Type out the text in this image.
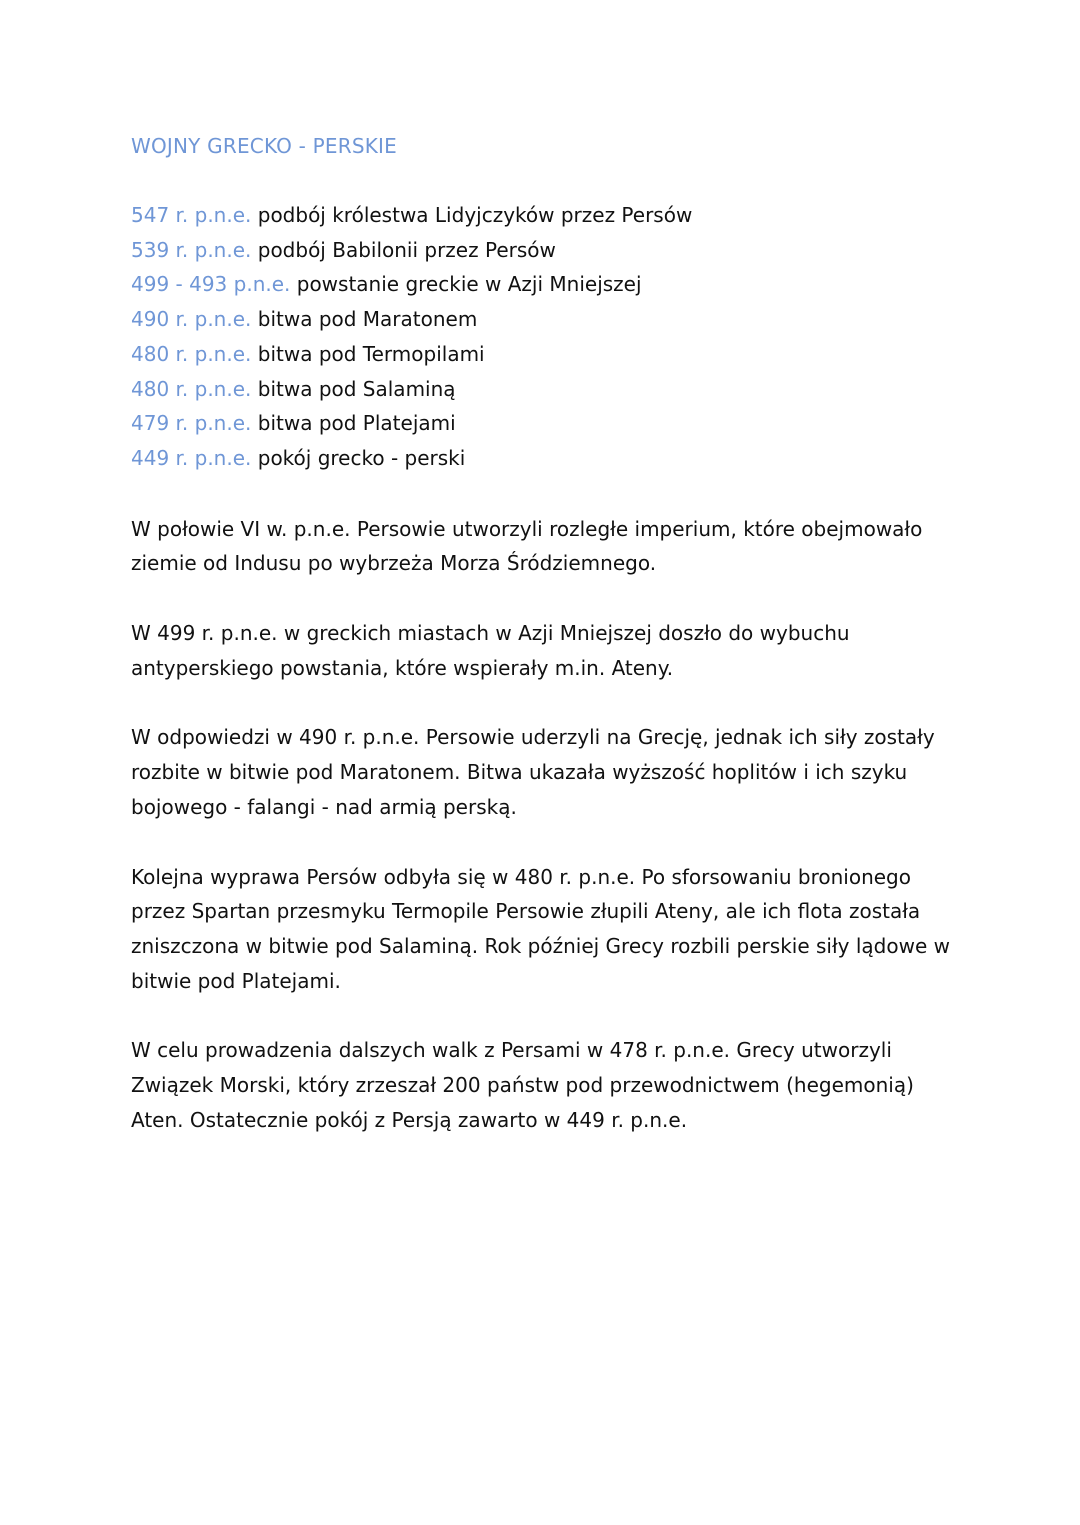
WOJNY GRECKO - PERSKIE
547 r. p.n.e. podbój królestwa Lidyjczyków przez Persów
539 r. p.n.e. podbój Babilonii przez Persów
499 - 493 p.n.e. powstanie greckie w Azji Mniejszej
490 r. p.n.e. bitwa pod Maratonem
480 r. p.n.e. bitwa pod Termopilami
480 r. p.n.e. bitwa pod Salaminą
479 r. p.n.e. bitwa pod Platejami
449 r. p.n.e. pokój grecko - perski

W połowie VI w. p.n.e. Persowie utworzyli rozległe imperium, które obejmowało ziemie od Indusu po wybrzeża Morza Śródziemnego.

W 499 r. p.n.e. w greckich miastach w Azji Mniejszej doszło do wybuchu antyperskiego powstania, które wspierały m.in. Ateny.

W odpowiedzi w 490 r. p.n.e. Persowie uderzyli na Grecję, jednak ich siły zostały rozbite w bitwie pod Maratonem. Bitwa ukazała wyższość hoplitów i ich szyku bojowego - falangi - nad armią perską.

Kolejna wyprawa Persów odbyła się w 480 r. p.n.e. Po sforsowaniu bronionego przez Spartan przesmyku Termopile Persowie złupili Ateny, ale ich flota została zniszczona w bitwie pod Salaminą. Rok później Grecy rozbili perskie siły lądowe w bitwie pod Platejami.

W celu prowadzenia dalszych walk z Persami w 478 r. p.n.e. Grecy utworzyli Związek Morski, który zrzeszał 200 państw pod przewodnictwem (hegemonią) Aten. Ostatecznie pokój z Persją zawarto w 449 r. p.n.e.
